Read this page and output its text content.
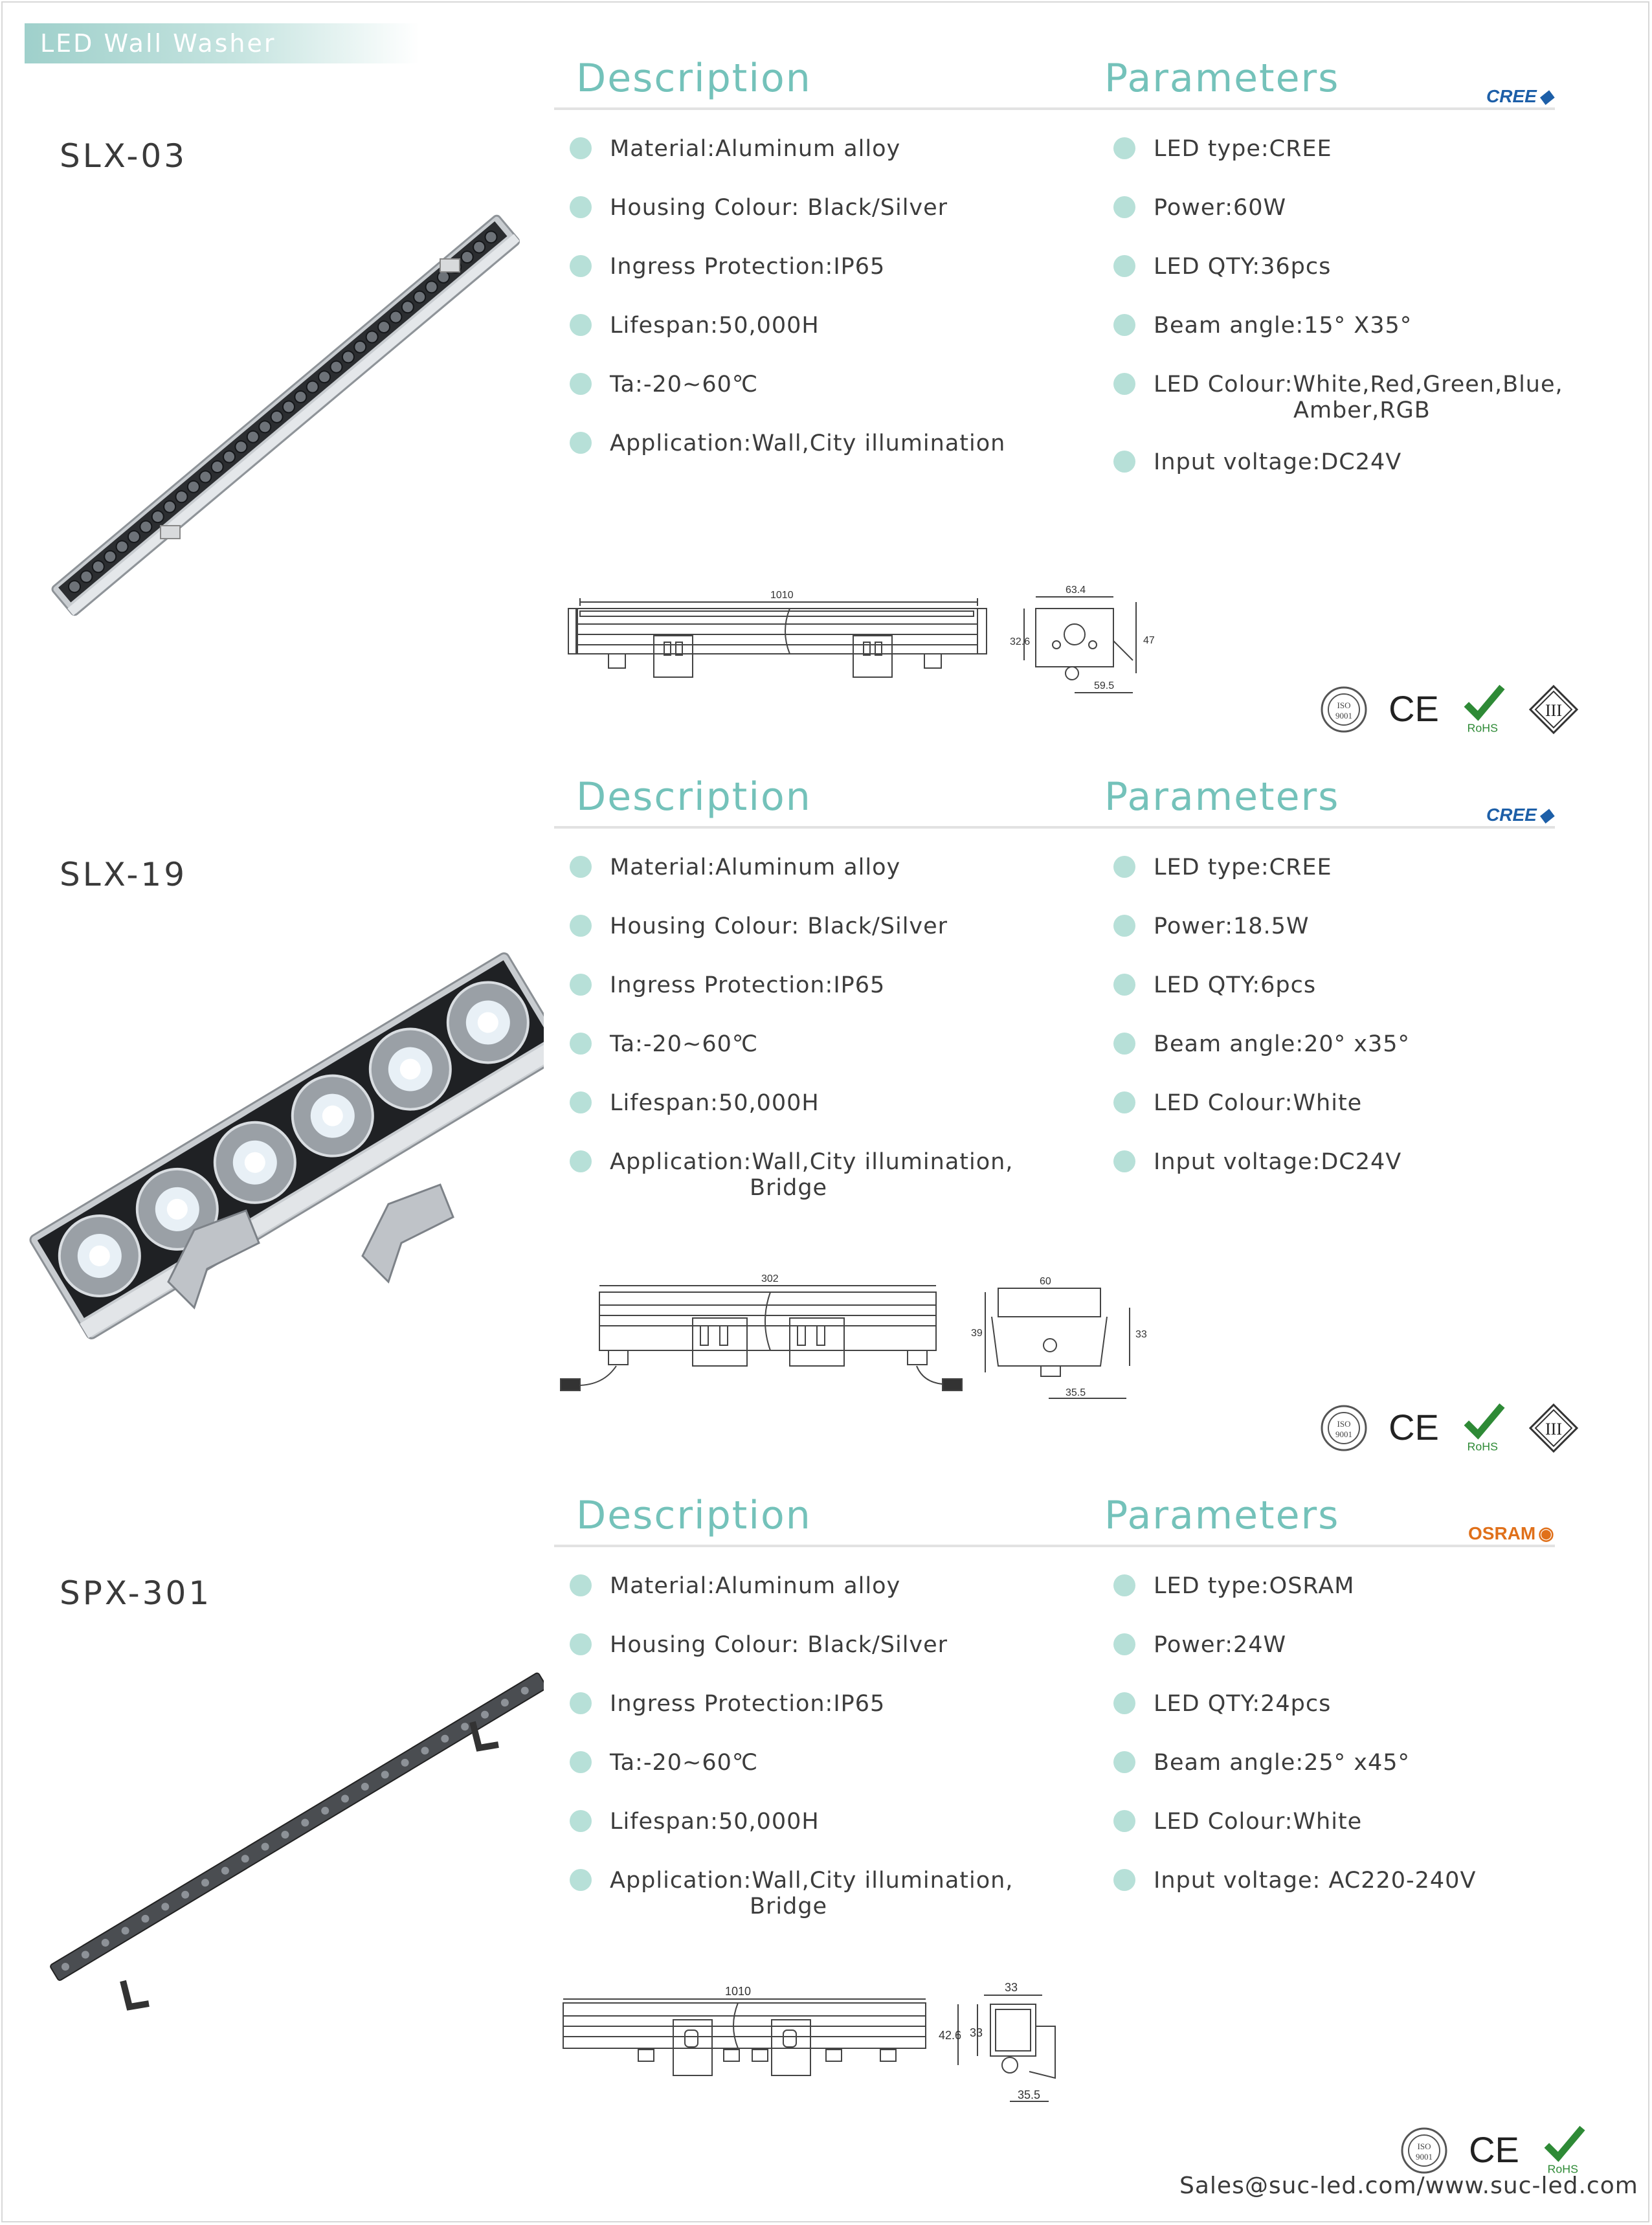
LED Wall Washer
SLX-03
Description	Parameters	CREE ◆
Material:Aluminum alloy
Housing Colour: Black/Silver
Ingress Protection:IP65
Lifespan:50,000H
Ta:-20~60℃
Application:Wall,City illumination
LED type:CREE
Power:60W
LED QTY:36pcs
Beam angle:15° X35°
LED Colour:White,Red,Green,Blue,
Amber,RGB
Input voltage:DC24V
1010	63.4
32.6	47
59.5
ISO
9001 CE RoHS
III
SLX-19
Description	Parameters	CREE ◆
Material:Aluminum alloy
Housing Colour: Black/Silver
Ingress Protection:IP65
Ta:-20~60℃
Lifespan:50,000H
Application:Wall,City illumination,
Bridge
LED type:CREE
Power:18.5W
LED QTY:6pcs
Beam angle:20° x35°
LED Colour:White
Input voltage:DC24V
302	60
39	33
35.5
ISO
9001 CE RoHS
III
SPX-301
Description	Parameters	OSRAM ◉
Material:Aluminum alloy
Housing Colour: Black/Silver
Ingress Protection:IP65
Ta:-20~60℃
Lifespan:50,000H
Application:Wall,City illumination,
Bridge
LED type:OSRAM
Power:24W
LED QTY:24pcs
Beam angle:25° x45°
LED Colour:White
Input voltage: AC220-240V
1010	33
42.6 33
35.5
ISO
9001 CE RoHS
Sales@suc-led.com/www.suc-led.com
